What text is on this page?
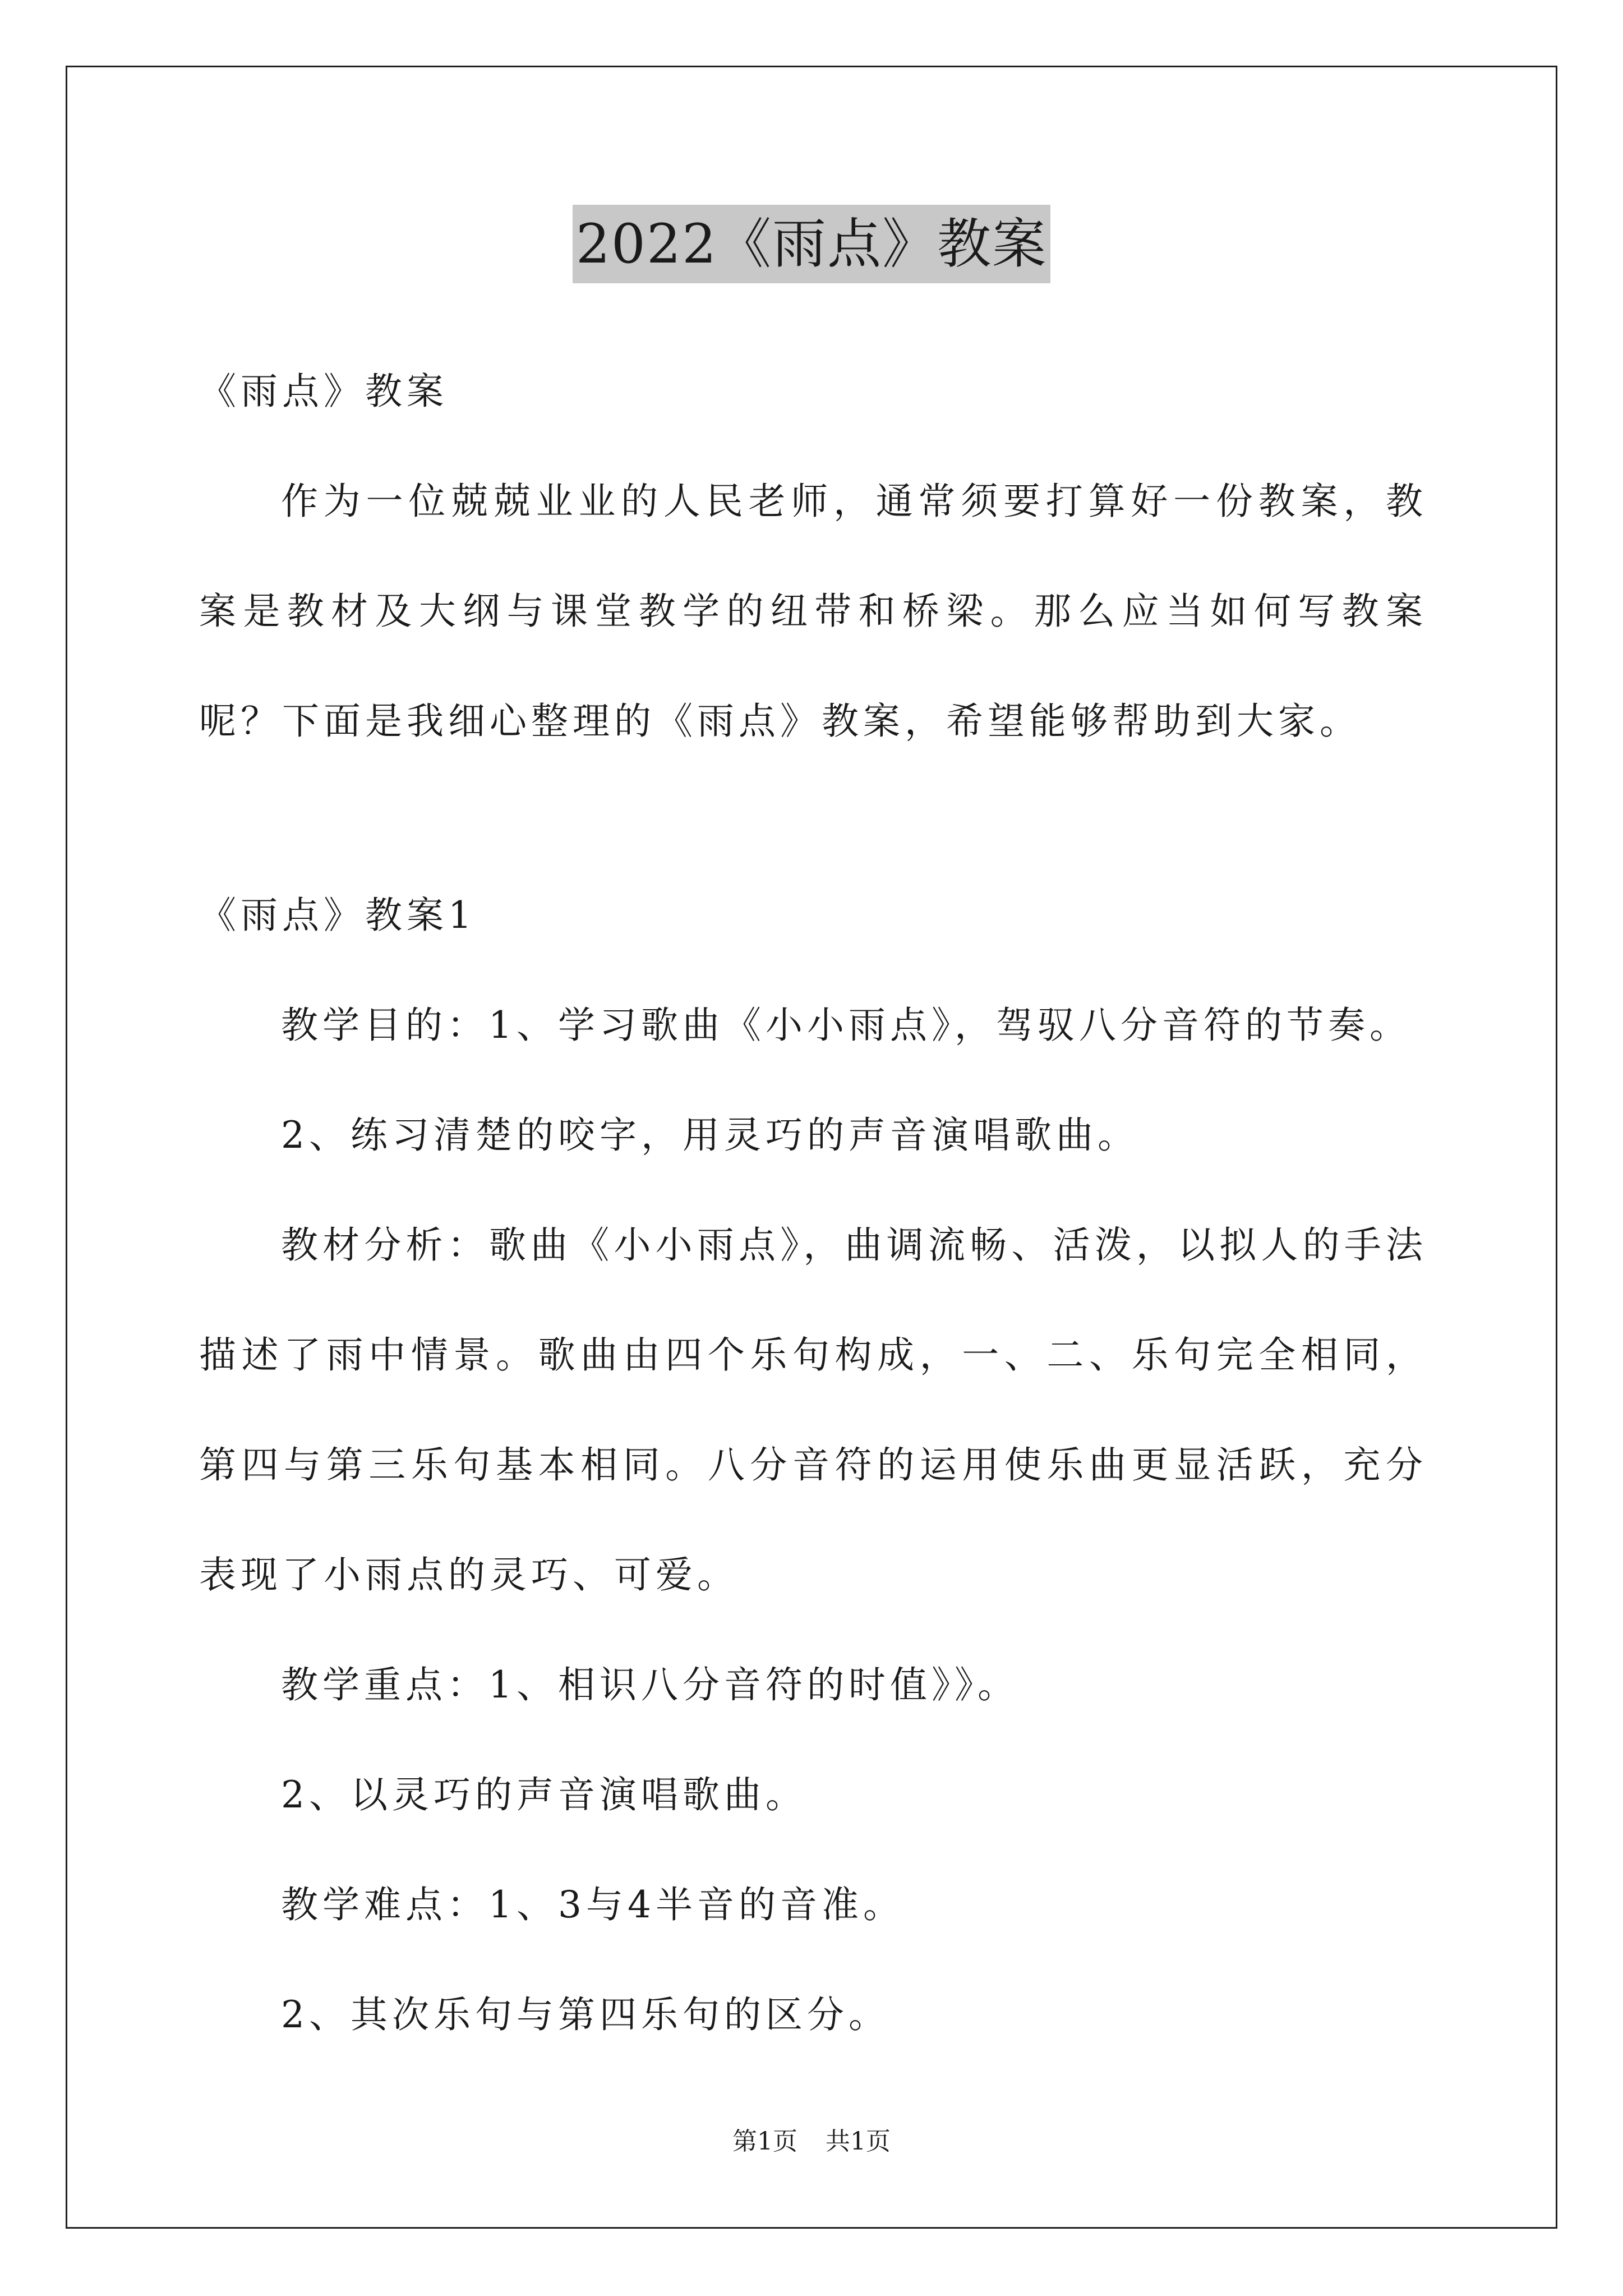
2022《雨点》教案

《雨点》教案

作为一位兢兢业业的人民老师，通常须要打算好一份教案，教案是教材及大纲与课堂教学的纽带和桥梁。那么应当如何写教案呢？下面是我细心整理的《雨点》教案，希望能够帮助到大家。

《雨点》教案1

教学目的：1、学习歌曲《小小雨点》，驾驭八分音符的节奏。

2、练习清楚的咬字，用灵巧的声音演唱歌曲。

教材分析：歌曲《小小雨点》，曲调流畅、活泼，以拟人的手法描述了雨中情景。歌曲由四个乐句构成，一、二、乐句完全相同，第四与第三乐句基本相同。八分音符的运用使乐曲更显活跃，充分表现了小雨点的灵巧、可爱。

教学重点：1、相识八分音符的时值》》。

2、以灵巧的声音演唱歌曲。

教学难点：1、3与4半音的音准。

2、其次乐句与第四乐句的区分。

第1页 共1页
